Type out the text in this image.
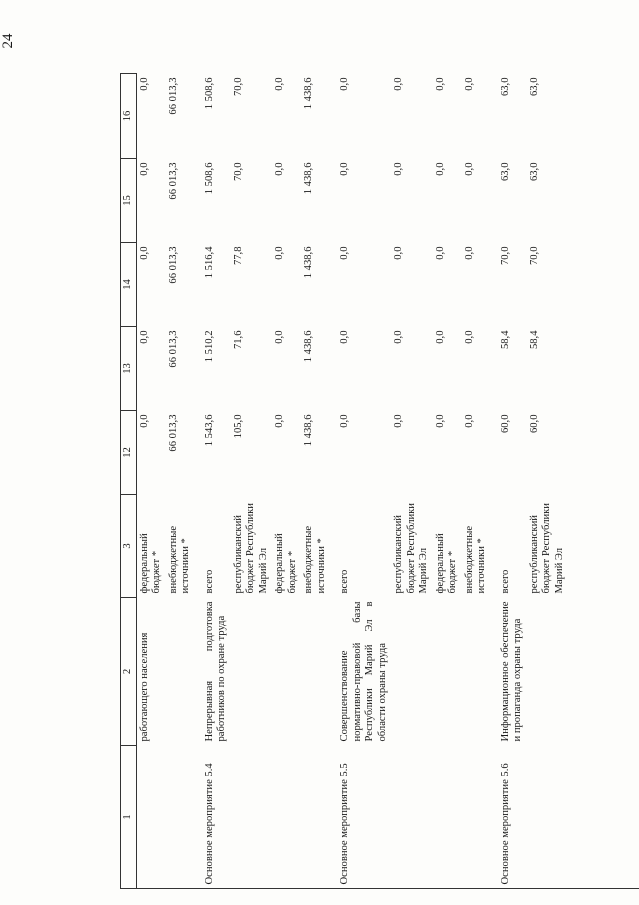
24
1	2	3	12	13	14	15	16
	работающего населения	федеральный бюджет *	0,0	0,0	0,0	0,0	0,0
		внебюджетные источники *	66 013,3	66 013,3	66 013,3	66 013,3	66 013,3
Основное мероприятие 5.4	Непрерывная подготовка работников по охране труда	всего	1 543,6	1 510,2	1 516,4	1 508,6	1 508,6
		республиканский бюджет Республики Марий Эл	105,0	71,6	77,8	70,0	70,0
		федеральный бюджет *	0,0	0,0	0,0	0,0	0,0
		внебюджетные источники *	1 438,6	1 438,6	1 438,6	1 438,6	1 438,6
Основное мероприятие 5.5	Совершенствование нормативно-правовой базы Республики Марий Эл в области охраны труда	всего	0,0	0,0	0,0	0,0	0,0
		республиканский бюджет Республики Марий Эл	0,0	0,0	0,0	0,0	0,0
		федеральный бюджет *	0,0	0,0	0,0	0,0	0,0
		внебюджетные источники *	0,0	0,0	0,0	0,0	0,0
Основное мероприятие 5.6	Информационное обеспечение и пропаганда охраны труда	всего	60,0	58,4	70,0	63,0	63,0
		республиканский бюджет Республики Марий Эл	60,0	58,4	70,0	63,0	63,0
